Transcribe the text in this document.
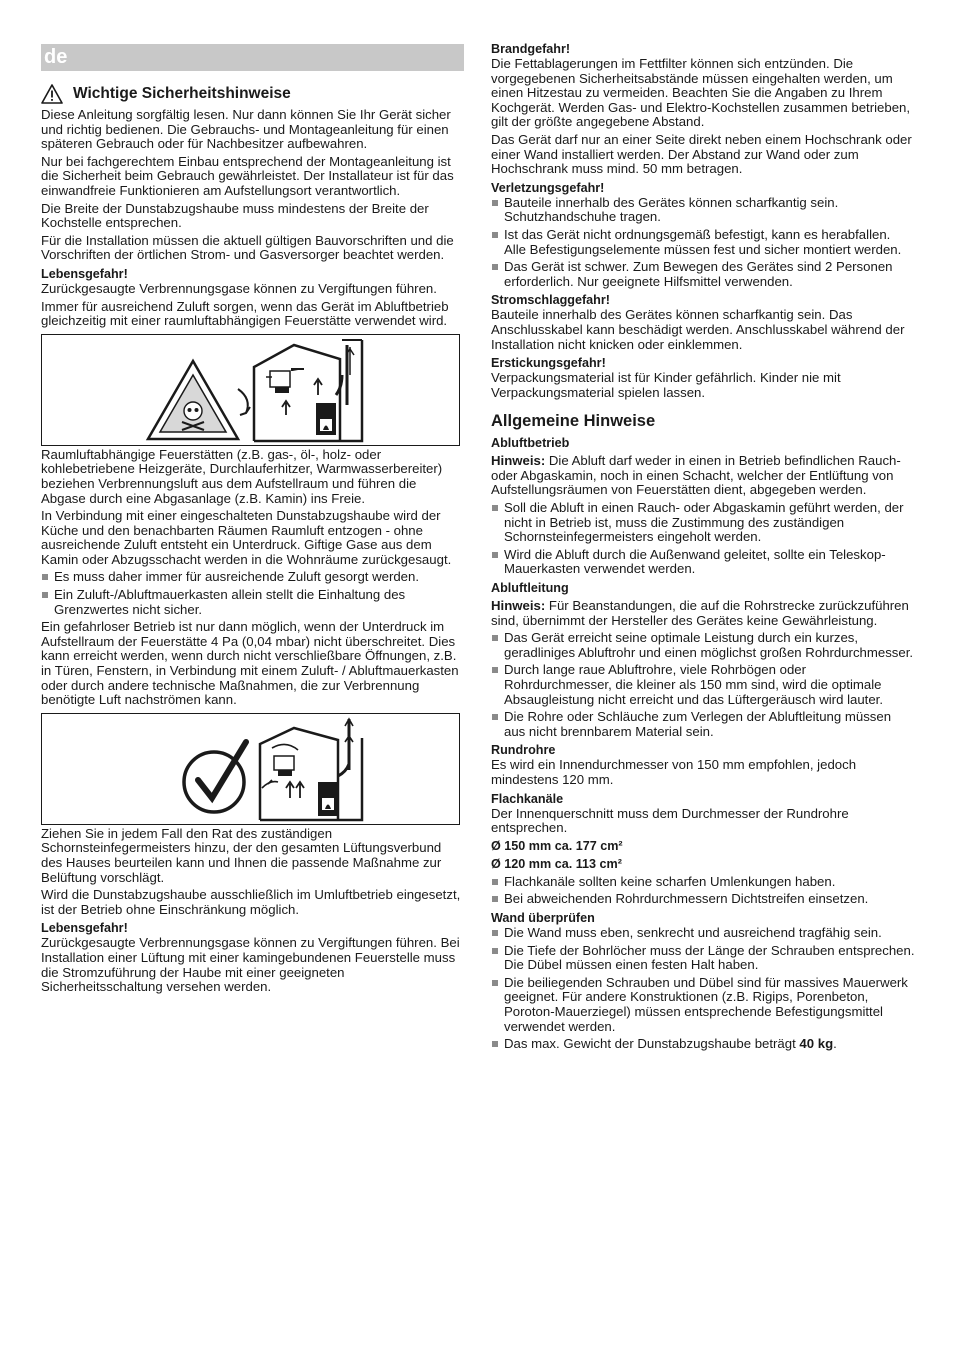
de
Wichtige Sicherheitshinweise

Diese Anleitung sorgfältig lesen. Nur dann können Sie Ihr Gerät sicher und richtig bedienen. Die Gebrauchs- und Montageanleitung für einen späteren Gebrauch oder für Nachbesitzer aufbewahren.

Nur bei fachgerechtem Einbau entsprechend der Montageanleitung ist die Sicherheit beim Gebrauch gewährleistet. Der Installateur ist für das einwandfreie Funktionieren am Aufstellungsort verantwortlich.

Die Breite der Dunstabzugshaube muss mindestens der Breite der Kochstelle entsprechen.

Für die Installation müssen die aktuell gültigen Bauvorschriften und die Vorschriften der örtlichen Strom- und Gasversorger beachtet werden.

Lebensgefahr!

Zurückgesaugte Verbrennungsgase können zu Vergiftungen führen.

Immer für ausreichend Zuluft sorgen, wenn das Gerät im Abluftbetrieb gleichzeitig mit einer raumluftabhängigen Feuerstätte verwendet wird.

Raumluftabhängige Feuerstätten (z.B. gas-, öl-, holz- oder kohlebetriebene Heizgeräte, Durchlauferhitzer, Warmwasserbereiter) beziehen Verbrennungsluft aus dem Aufstellraum und führen die Abgase durch eine Abgasanlage (z.B. Kamin) ins Freie.

In Verbindung mit einer eingeschalteten Dunstabzugshaube wird der Küche und den benachbarten Räumen Raumluft entzogen - ohne ausreichende Zuluft entsteht ein Unterdruck. Giftige Gase aus dem Kamin oder Abzugsschacht werden in die Wohnräume zurückgesaugt.

Es muss daher immer für ausreichende Zuluft gesorgt werden.
Ein Zuluft-/Abluftmauerkasten allein stellt die Einhaltung des Grenzwertes nicht sicher.

Ein gefahrloser Betrieb ist nur dann möglich, wenn der Unterdruck im Aufstellraum der Feuerstätte 4 Pa (0,04 mbar) nicht überschreitet. Dies kann erreicht werden, wenn durch nicht verschließbare Öffnungen, z.B. in Türen, Fenstern, in Verbindung mit einem Zuluft- / Abluftmauerkasten oder durch andere technische Maßnahmen, die zur Verbrennung benötigte Luft nachströmen kann.

Ziehen Sie in jedem Fall den Rat des zuständigen Schornsteinfegermeisters hinzu, der den gesamten Lüftungsverbund des Hauses beurteilen kann und Ihnen die passende Maßnahme zur Belüftung vorschlägt.

Wird die Dunstabzugshaube ausschließlich im Umluftbetrieb eingesetzt, ist der Betrieb ohne Einschränkung möglich.

Lebensgefahr!

Zurückgesaugte Verbrennungsgase können zu Vergiftungen führen. Bei Installation einer Lüftung mit einer kamingebundenen Feuerstelle muss die Stromzuführung der Haube mit einer geeigneten Sicherheitsschaltung versehen werden.

Brandgefahr!

Die Fettablagerungen im Fettfilter können sich entzünden. Die vorgegebenen Sicherheitsabstände müssen eingehalten werden, um einen Hitzestau zu vermeiden. Beachten Sie die Angaben zu Ihrem Kochgerät. Werden Gas- und Elektro-Kochstellen zusammen betrieben, gilt der größte angegebene Abstand.

Das Gerät darf nur an einer Seite direkt neben einem Hochschrank oder einer Wand installiert werden. Der Abstand zur Wand oder zum Hochschrank muss mind. 50 mm betragen.

Verletzungsgefahr!
Bauteile innerhalb des Gerätes können scharfkantig sein. Schutzhandschuhe tragen.
Ist das Gerät nicht ordnungsgemäß befestigt, kann es herabfallen. Alle Befestigungselemente müssen fest und sicher montiert werden.
Das Gerät ist schwer. Zum Bewegen des Gerätes sind 2 Personen erforderlich. Nur geeignete Hilfsmittel verwenden.
Stromschlaggefahr!

Bauteile innerhalb des Gerätes können scharfkantig sein. Das Anschlusskabel kann beschädigt werden. Anschlusskabel während der Installation nicht knicken oder einklemmen.

Erstickungsgefahr!

Verpackungsmaterial ist für Kinder gefährlich. Kinder nie mit Verpackungsmaterial spielen lassen.

Allgemeine Hinweise
Abluftbetrieb

Hinweis: Die Abluft darf weder in einen in Betrieb befindlichen Rauch- oder Abgaskamin, noch in einen Schacht, welcher der Entlüftung von Aufstellungsräumen von Feuerstätten dient, abgegeben werden.

Soll die Abluft in einen Rauch- oder Abgaskamin geführt werden, der nicht in Betrieb ist, muss die Zustimmung des zuständigen Schornsteinfegermeisters eingeholt werden.
Wird die Abluft durch die Außenwand geleitet, sollte ein Teleskop-Mauerkasten verwendet werden.
Abluftleitung

Hinweis: Für Beanstandungen, die auf die Rohrstrecke zurückzuführen sind, übernimmt der Hersteller des Gerätes keine Gewährleistung.

Das Gerät erreicht seine optimale Leistung durch ein kurzes, geradliniges Abluftrohr und einen möglichst großen Rohrdurchmesser.
Durch lange raue Abluftrohre, viele Rohrbögen oder Rohrdurchmesser, die kleiner als 150 mm sind, wird die optimale Absaugleistung nicht erreicht und das Lüftergeräusch wird lauter.
Die Rohre oder Schläuche zum Verlegen der Abluftleitung müssen aus nicht brennbarem Material sein.
Rundrohre

Es wird ein Innendurchmesser von 150 mm empfohlen, jedoch mindestens 120 mm.

Flachkanäle

Der Innenquerschnitt muss dem Durchmesser der Rundrohre entsprechen.

Ø 150 mm ca. 177 cm²
Ø 120 mm ca. 113 cm²
Flachkanäle sollten keine scharfen Umlenkungen haben.
Bei abweichenden Rohrdurchmessern Dichtstreifen einsetzen.
Wand überprüfen
Die Wand muss eben, senkrecht und ausreichend tragfähig sein.
Die Tiefe der Bohrlöcher muss der Länge der Schrauben entsprechen. Die Dübel müssen einen festen Halt haben.
Die beiliegenden Schrauben und Dübel sind für massives Mauerwerk geeignet. Für andere Konstruktionen (z.B. Rigips, Porenbeton, Poroton-Mauerziegel) müssen entsprechende Befestigungsmittel verwendet werden.
Das max. Gewicht der Dunstabzugshaube beträgt 40 kg.
